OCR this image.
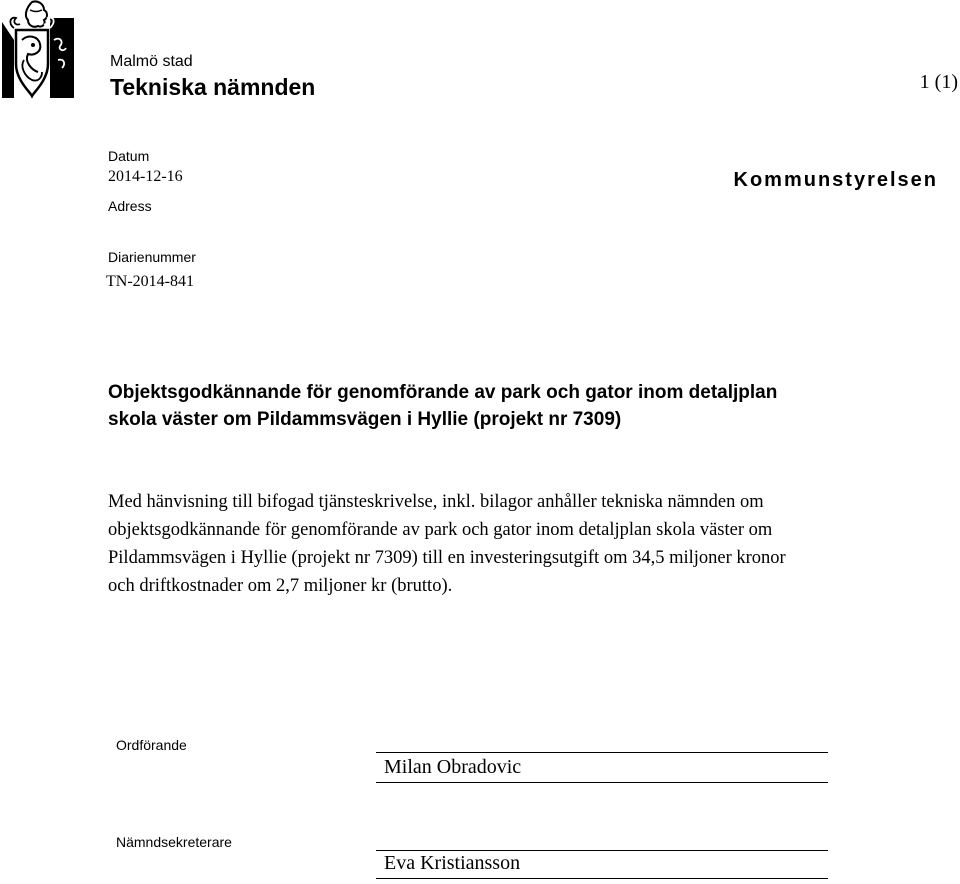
Malmö stad
Tekniska nämnden	1 (1)
Datum
2014-12-16
Adress
Kommunstyrelsen
Diarienummer
TN-2014-841
Objektsgodkännande för genomförande av park och gator inom detaljplan
skola väster om Pildammsvägen i Hyllie (projekt nr 7309)
Med hänvisning till bifogad tjänsteskrivelse, inkl. bilagor anhåller tekniska nämnden om
objektsgodkännande för genomförande av park och gator inom detaljplan skola väster om
Pildammsvägen i Hyllie (projekt nr 7309) till en investeringsutgift om 34,5 miljoner kronor
och driftkostnader om 2,7 miljoner kr (brutto).
Ordförande
Milan Obradovic
Nämndsekreterare
Eva Kristiansson
